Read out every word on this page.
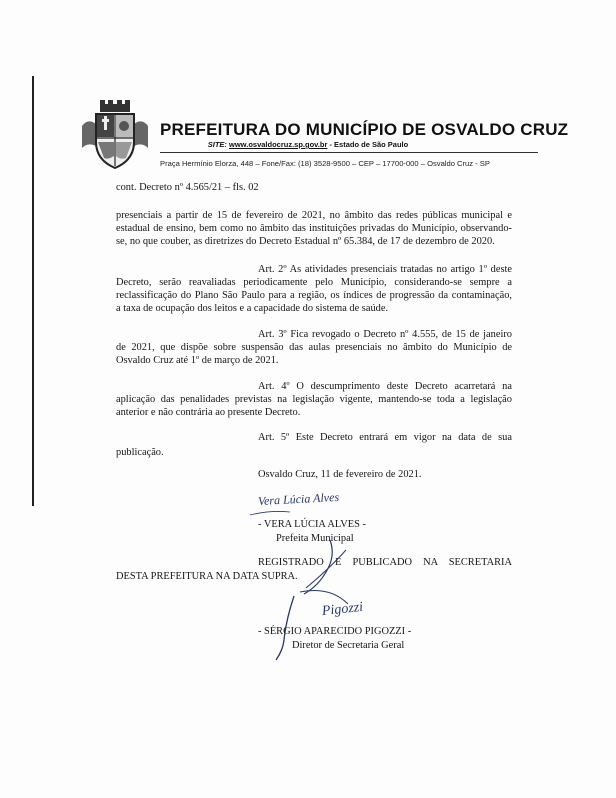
PREFEITURA DO MUNICÍPIO DE OSVALDO CRUZ
SITE: www.osvaldocruz.sp.gov.br - Estado de São Paulo
Praça Hermínio Elorza, 448 – Fone/Fax: (18) 3528-9500 – CEP – 17700-000 – Osvaldo Cruz - SP
cont. Decreto nº 4.565/21 – fls. 02
presenciais a partir de 15 de fevereiro de 2021, no âmbito das redes públicas municipal e
estadual de ensino, bem como no âmbito das instituições privadas do Município, observando-
se, no que couber, as diretrizes do Decreto Estadual nº 65.384, de 17 de dezembro de 2020.
Art. 2º As atividades presenciais tratadas no artigo 1º deste
Decreto, serão reavaliadas periodicamente pelo Município, considerando-se sempre a
reclassificação do Plano São Paulo para a região, os índices de progressão da contaminação,
a taxa de ocupação dos leitos e a capacidade do sistema de saúde.
Art. 3º Fica revogado o Decreto nº 4.555, de 15 de janeiro
de 2021, que dispõe sobre suspensão das aulas presenciais no âmbito do Município de
Osvaldo Cruz até 1º de março de 2021.
Art. 4º O descumprimento deste Decreto acarretará na
aplicação das penalidades previstas na legislação vigente, mantendo-se toda a legislação
anterior e não contrária ao presente Decreto.
Art. 5º Este Decreto entrará em vigor na data de sua
publicação.
Osvaldo Cruz, 11 de fevereiro de 2021.
Vera Lúcia Alves
- VERA LÚCIA ALVES -
Prefeita Municipal
REGISTRADO E PUBLICADO NA SECRETARIA
DESTA PREFEITURA NA DATA SUPRA.
Pigozzi
- SÉRGIO APARECIDO PIGOZZI -
Diretor de Secretaria Geral
